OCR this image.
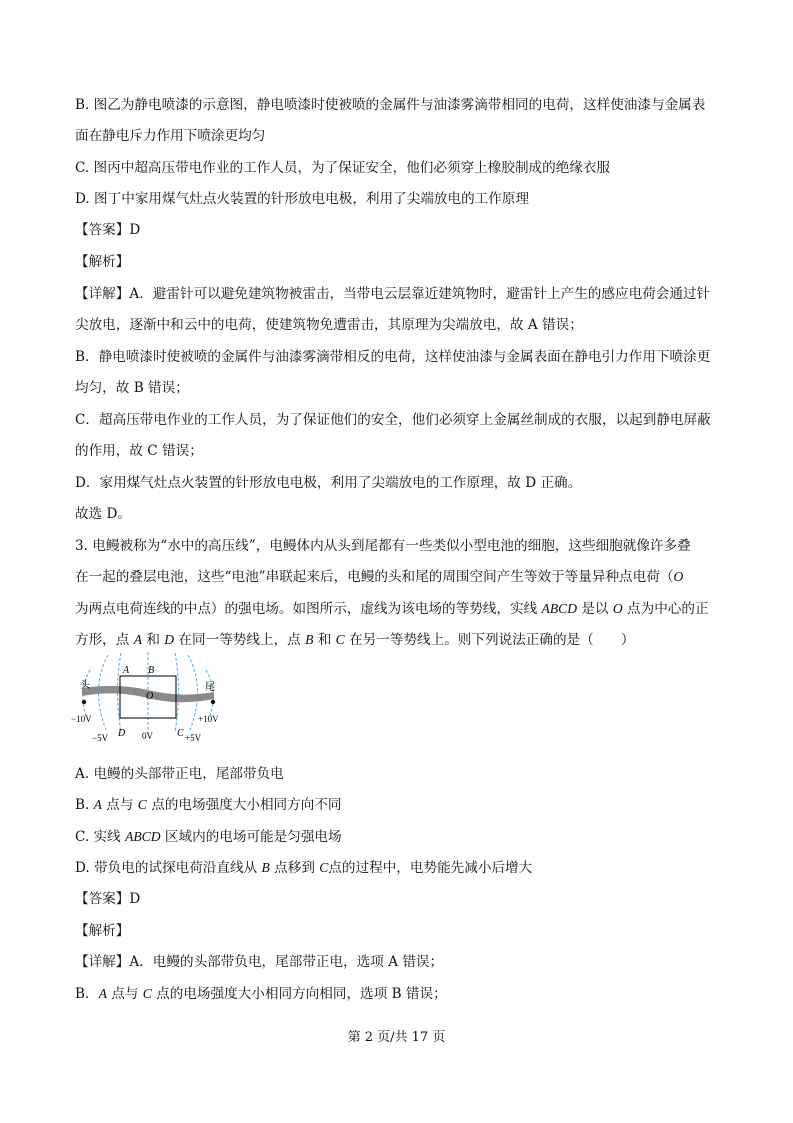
B. 图乙为静电喷漆的示意图，静电喷漆时使被喷的金属件与油漆雾滴带相同的电荷，这样使油漆与金属表
面在静电斥力作用下喷涂更均匀
C. 图丙中超高压带电作业的工作人员，为了保证安全，他们必须穿上橡胶制成的绝缘衣服
D. 图丁中家用煤气灶点火装置的针形放电电极，利用了尖端放电的工作原理
【答案】D
【解析】
【详解】A．避雷针可以避免建筑物被雷击，当带电云层靠近建筑物时，避雷针上产生的感应电荷会通过针
尖放电，逐渐中和云中的电荷，使建筑物免遭雷击，其原理为尖端放电，故 A 错误；
B．静电喷漆时使被喷的金属件与油漆雾滴带相反的电荷，这样使油漆与金属表面在静电引力作用下喷涂更
均匀，故 B 错误；
C．超高压带电作业的工作人员，为了保证他们的安全，他们必须穿上金属丝制成的衣服，以起到静电屏蔽
的作用，故 C 错误；
D．家用煤气灶点火装置的针形放电电极，利用了尖端放电的工作原理，故 D 正确。
故选 D。
3. 电鳗被称为“水中的高压线”，电鳗体内从头到尾都有一些类似小型电池的细胞，这些细胞就像许多叠
在一起的叠层电池，这些“电池”串联起来后，电鳗的头和尾的周围空间产生等效于等量异种点电荷（O
为两点电荷连线的中点）的强电场。如图所示，虚线为该电场的等势线，实线 ABCD 是以 O 点为中心的正
方形，点 A 和 D 在同一等势线上，点 B 和 C 在另一等势线上。则下列说法正确的是（　　）
头	尾
A B
O
D	C
−10V
−5V	0V	+5V
+10V
A. 电鳗的头部带正电，尾部带负电
B. A 点与 C 点的电场强度大小相同方向不同
C. 实线 ABCD 区域内的电场可能是匀强电场
D. 带负电的试探电荷沿直线从 B 点移到 C点的过程中，电势能先减小后增大
【答案】D
【解析】
【详解】A．电鳗的头部带负电，尾部带正电，选项 A 错误；
B．A 点与 C 点的电场强度大小相同方向相同，选项 B 错误；
第 2 页/共 17 页
